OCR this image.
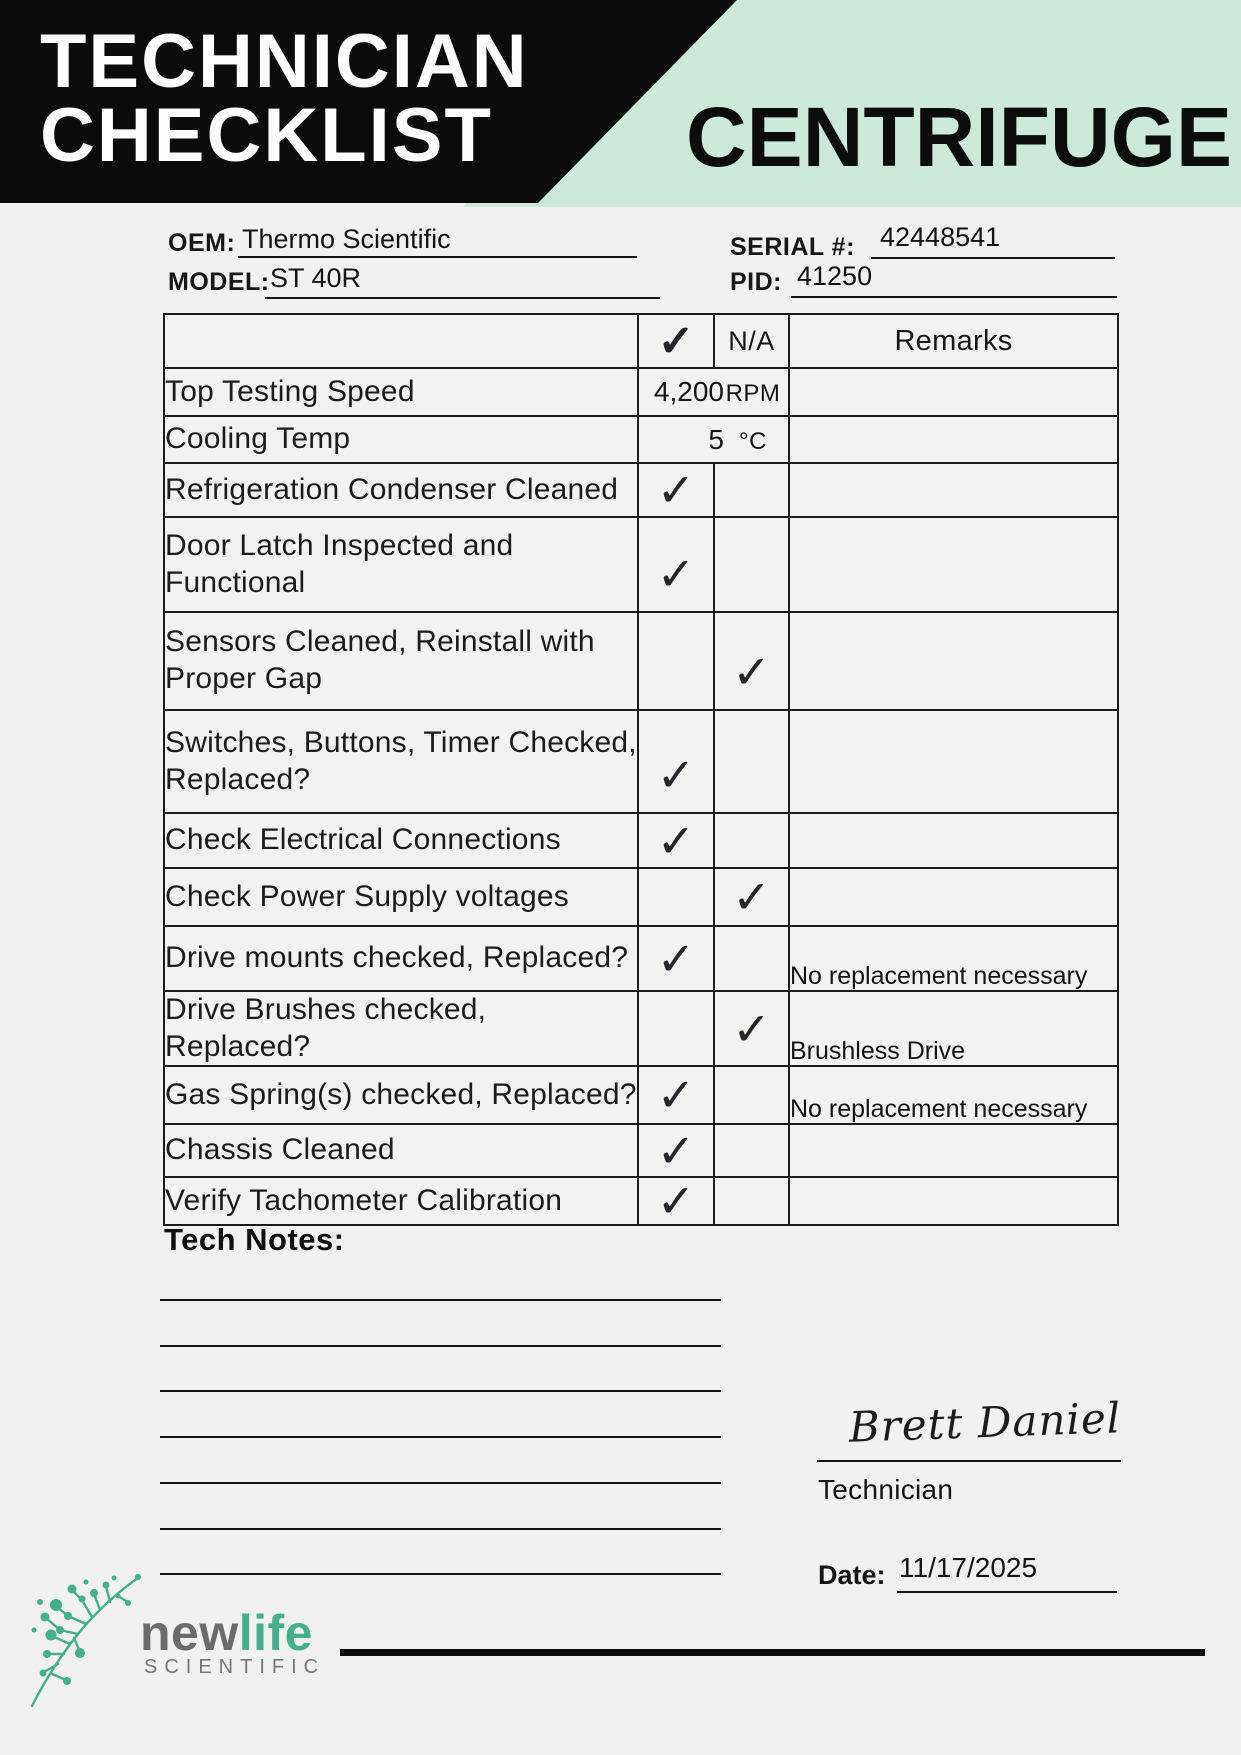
TECHNICIAN
CHECKLIST CENTRIFUGE
OEM: Thermo Scientific
MODEL: ST 40R
SERIAL #: 42448541
PID: 41250
	✓	N/A	Remarks
Top Testing Speed	4,200 RPM		

Cooling Temp	5 °C		

Refrigeration Condenser Cleaned	✓		
Door Latch Inspected and Functional	✓		
Sensors Cleaned, Reinstall with Proper Gap		✓	
Switches, Buttons, Timer Checked, Replaced?	✓		
Check Electrical Connections	✓		
Check Power Supply voltages		✓	
Drive mounts checked, Replaced?	✓		No replacement necessary
Drive Brushes checked, Replaced?		✓	Brushless Drive
Gas Spring(s) checked, Replaced?	✓		No replacement necessary
Chassis Cleaned	✓		
Verify Tachometer Calibration	✓		
Tech Notes:
Brett Daniel
Technician
Date: 11/17/2025
newlife
SCIENTIFIC
